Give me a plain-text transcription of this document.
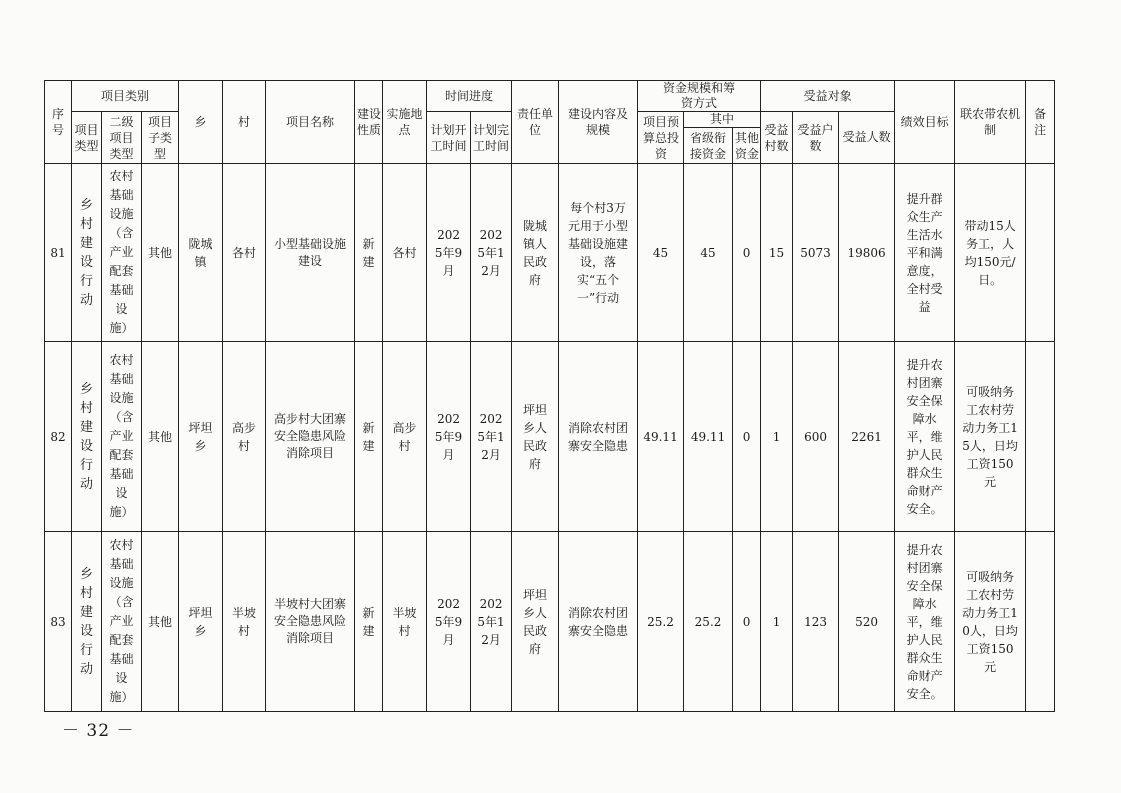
序号	项目类别			乡	村	项目名称	建设性质	实施地点	时间进度		责任单位	建设内容及规模	资金规模和筹资方式			受益对象			绩效目标	联农带农机制	备注

	项目类型	二级项目类型	项目子类型						计划开工时间	计划完工时间			项目预算总投资	其中		受益村数	受益户数	受益人数			

														省级衔接资金	其他资金						

81	乡村建设行动	农村基础设施（含产业配套基础设施）	其他	陇城镇	各村	小型基础设施建设	新建	各村	2025年9月	2025年12月	陇城镇人民政府	每个村3万元用于小型基础设施建设，落实“五个一”行动	45	45	0	15	5073	19806	提升群众生产生活水平和满意度，全村受益	带动15人务工，人均150元/日。	

82	乡村建设行动	农村基础设施（含产业配套基础设施）	其他	坪坦乡	高步村	高步村大团寨安全隐患风险消除项目	新建	高步村	2025年9月	2025年12月	坪坦乡人民政府	消除农村团寨安全隐患	49.11	49.11	0	1	600	2261	提升农村团寨安全保障水平，维护人民群众生命财产安全。	可吸纳务工农村劳动力务工15人，日均工资150元	

83	乡村建设行动	农村基础设施（含产业配套基础设施）	其他	坪坦乡	半坡村	半坡村大团寨安全隐患风险消除项目	新建	半坡村	2025年9月	2025年12月	坪坦乡人民政府	消除农村团寨安全隐患	25.2	25.2	0	1	123	520	提升农村团寨安全保障水平，维护人民群众生命财产安全。	可吸纳务工农村劳动力务工10人，日均工资150元	

－ 32 －
